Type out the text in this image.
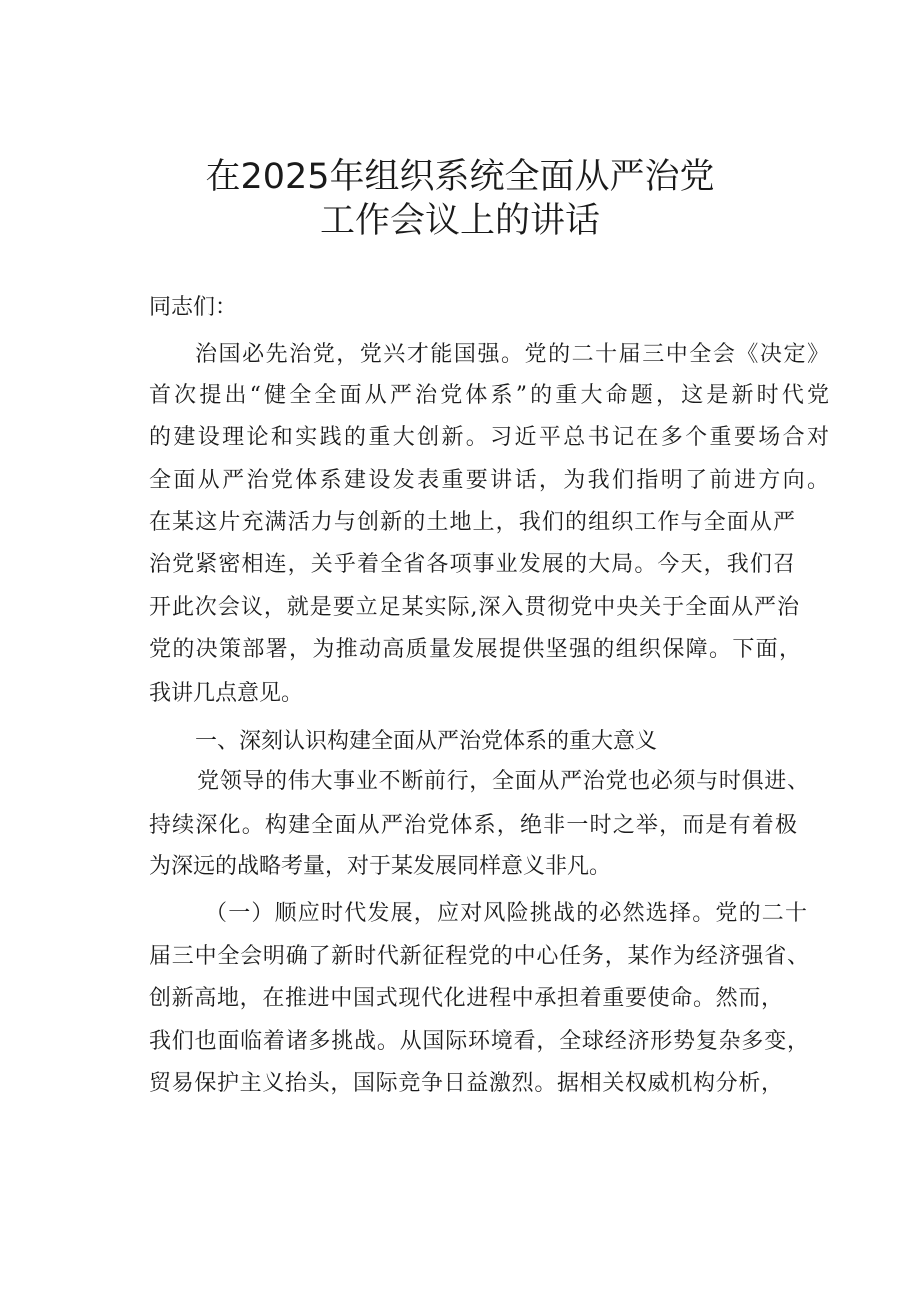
在2025年组织系统全面从严治党
工作会议上的讲话
同志们：
治国必先治党，党兴才能国强。党的二十届三中全会《决定》
首次提出“健全全面从严治党体系”的重大命题，这是新时代党
的建设理论和实践的重大创新。习近平总书记在多个重要场合对
全面从严治党体系建设发表重要讲话，为我们指明了前进方向。
在某这片充满活力与创新的土地上，我们的组织工作与全面从严
治党紧密相连，关乎着全省各项事业发展的大局。今天，我们召
开此次会议，就是要立足某实际,深入贯彻党中央关于全面从严治
党的决策部署，为推动高质量发展提供坚强的组织保障。下面，
我讲几点意见。
一、深刻认识构建全面从严治党体系的重大意义
党领导的伟大事业不断前行，全面从严治党也必须与时俱进、
持续深化。构建全面从严治党体系，绝非一时之举，而是有着极
为深远的战略考量，对于某发展同样意义非凡。
（一）顺应时代发展，应对风险挑战的必然选择。党的二十
届三中全会明确了新时代新征程党的中心任务，某作为经济强省、
创新高地，在推进中国式现代化进程中承担着重要使命。然而，
我们也面临着诸多挑战。从国际环境看，全球经济形势复杂多变，
贸易保护主义抬头，国际竞争日益激烈。据相关权威机构分析，
